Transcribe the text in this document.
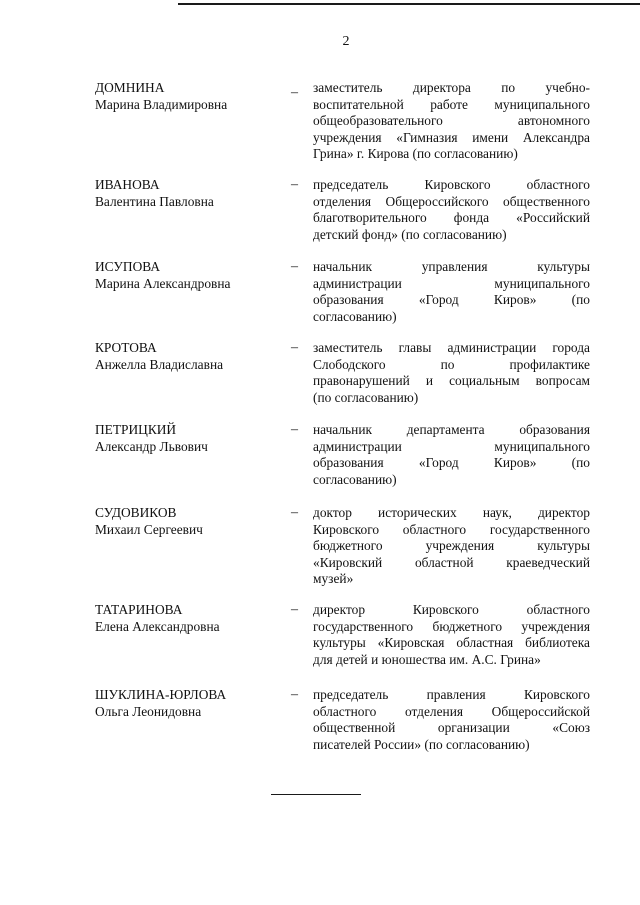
2
ДОМНИНА
Марина Владимировна
– заместитель директора по учебно-
воспитательной работе муниципального
общеобразовательного автономного
учреждения «Гимназия имени Александра
Грина» г. Кирова (по согласованию)
ИВАНОВА
Валентина Павловна
– председатель Кировского областного
отделения Общероссийского общественного
благотворительного фонда «Российский
детский фонд» (по согласованию)
ИСУПОВА
Марина Александровна
– начальник управления культуры
администрации муниципального
образования «Город Киров» (по
согласованию)
КРОТОВА
Анжелла Владиславна
– заместитель главы администрации города
Слободского по профилактике
правонарушений и социальным вопросам
(по согласованию)
ПЕТРИЦКИЙ
Александр Львович
– начальник департамента образования
администрации муниципального
образования «Город Киров» (по
согласованию)
СУДОВИКОВ
Михаил Сергеевич
– доктор исторических наук, директор
Кировского областного государственного
бюджетного учреждения культуры
«Кировский областной краеведческий
музей»
ТАТАРИНОВА
Елена Александровна
– директор Кировского областного
государственного бюджетного учреждения
культуры «Кировская областная библиотека
для детей и юношества им. А.С. Грина»
ШУКЛИНА-ЮРЛОВА
Ольга Леонидовна
– председатель правления Кировского
областного отделения Общероссийской
общественной организации «Союз
писателей России» (по согласованию)
